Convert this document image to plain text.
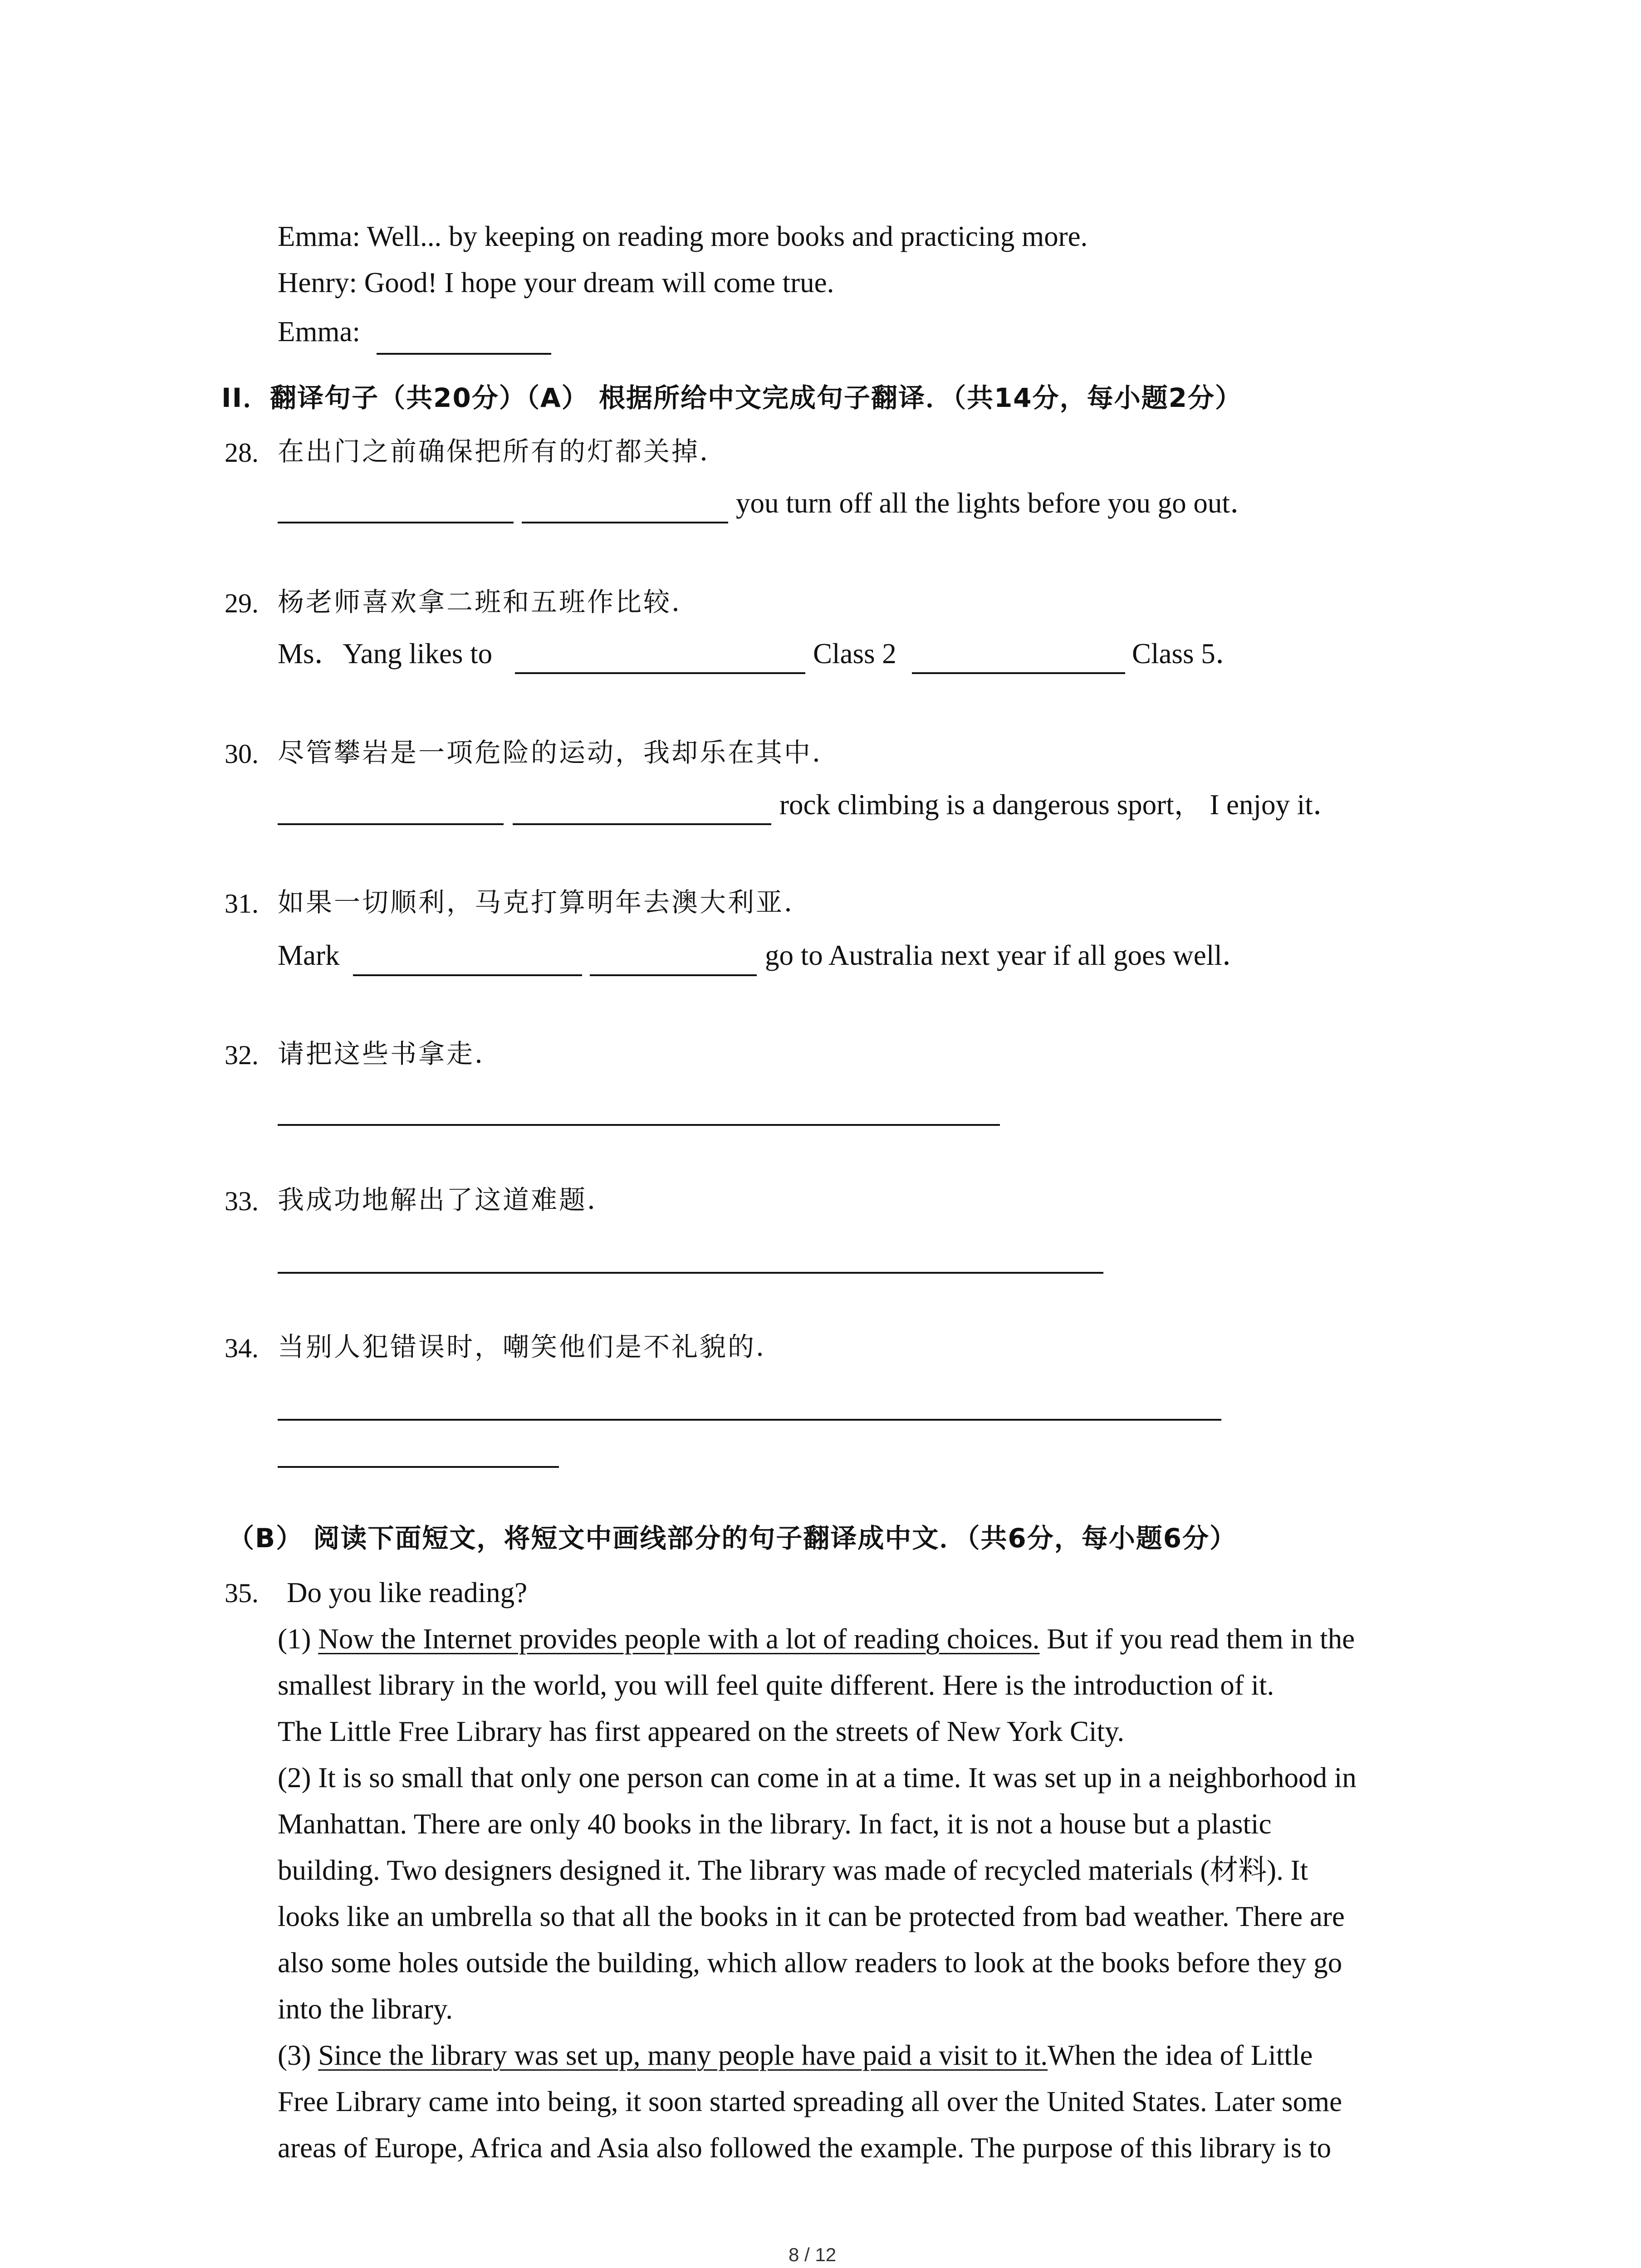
Emma: Well... by keeping on reading more books and practicing more.
Henry: Good! I hope your dream will come true.
Emma:
II．翻译句子（共20分）（A） 根据所给中文完成句子翻译．（共14分，每小题2分）
28. 在出门之前确保把所有的灯都关掉．
you turn off all the lights before you go out．
29. 杨老师喜欢拿二班和五班作比较．
Ms．Yang likes to	Class 2	Class 5．
30. 尽管攀岩是一项危险的运动，我却乐在其中．
rock climbing is a dangerous sport， I enjoy it．
31. 如果一切顺利，马克打算明年去澳大利亚．
Mark	go to Australia next year if all goes well．
32. 请把这些书拿走．
33. 我成功地解出了这道难题．
34. 当别人犯错误时，嘲笑他们是不礼貌的．
（B） 阅读下面短文，将短文中画线部分的句子翻译成中文．（共6分，每小题6分）
35. Do you like reading?
(1) Now the Internet provides people with a lot of reading choices. But if you read them in the
smallest library in the world, you will feel quite different. Here is the introduction of it.
The Little Free Library has first appeared on the streets of New York City.
(2) It is so small that only one person can come in at a time. It was set up in a neighborhood in
Manhattan. There are only 40 books in the library. In fact, it is not a house but a plastic
building. Two designers designed it. The library was made of recycled materials (材料). It
looks like an umbrella so that all the books in it can be protected from bad weather. There are
also some holes outside the building, which allow readers to look at the books before they go
into the library.
(3) Since the library was set up, many people have paid a visit to it.When the idea of Little
Free Library came into being, it soon started spreading all over the United States. Later some
areas of Europe, Africa and Asia also followed the example. The purpose of this library is to
8 / 12
